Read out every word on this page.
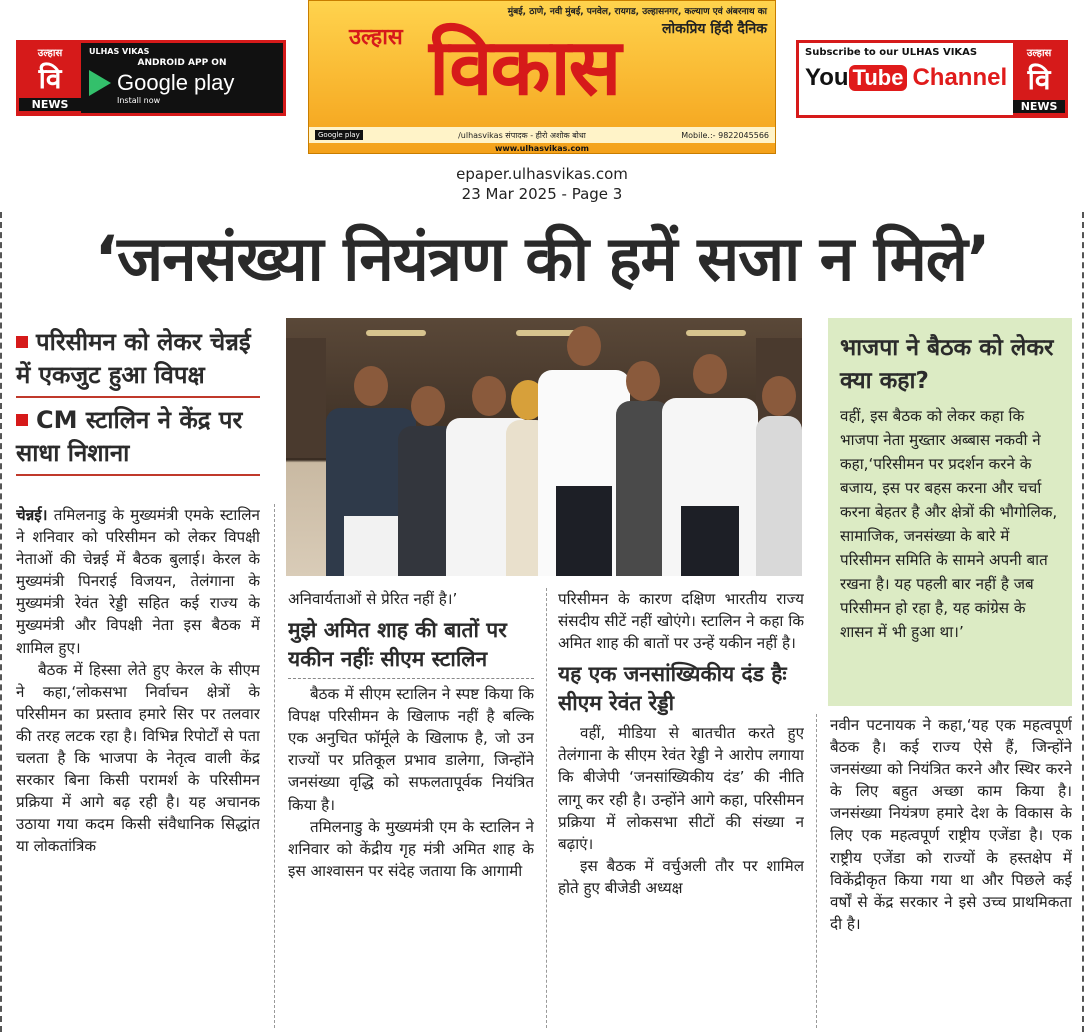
उल्हास
वि
NEWS
ULHAS VIKAS
ANDROID APP ON
Google play
Install now
मुंबई, ठाणे, नवी मुंबई, पनवेल, रायगड, उल्हासनगर, कल्याण एवं अंबरनाथ का
लोकप्रिय हिंदी दैनिक
उल्हास विकास
Google play	/ulhasvikas संपादक - हीरो अशोक बोधा	Mobile.:- 9822045566
www.ulhasvikas.com
Subscribe to our ULHAS VIKAS
You Tube Channel
उल्हास
वि
NEWS
epaper.ulhasvikas.com
23 Mar 2025 - Page 3
‘जनसंख्या नियंत्रण की हमें सजा न मिले’
परिसीमन को लेकर चेन्नई में एकजुट हुआ विपक्ष
CM स्टालिन ने केंद्र पर साधा निशाना
भाजपा ने बैठक को लेकर क्या कहा?
वहीं, इस बैठक को लेकर कहा कि भाजपा नेता मुख्तार अब्बास नकवी ने कहा,‘परिसीमन पर प्रदर्शन करने के बजाय, इस पर बहस करना और चर्चा करना बेहतर है और क्षेत्रों की भौगोलिक, सामाजिक, जनसंख्या के बारे में परिसीमन समिति के सामने अपनी बात रखना है। यह पहली बार नहीं है जब परिसीमन हो रहा है, यह कांग्रेस के शासन में भी हुआ था।’

चेन्नई। तमिलनाडु के मुख्यमंत्री एमके स्टालिन ने शनिवार को परिसीमन को लेकर विपक्षी नेताओं की चेन्नई में बैठक बुलाई। केरल के मुख्यमंत्री पिनराई विजयन, तेलंगाना के मुख्यमंत्री रेवंत रेड्डी सहित कई राज्य के मुख्यमंत्री और विपक्षी नेता इस बैठक में शामिल हुए।

बैठक में हिस्सा लेते हुए केरल के सीएम ने कहा,‘लोकसभा निर्वाचन क्षेत्रों के परिसीमन का प्रस्ताव हमारे सिर पर तलवार की तरह लटक रहा है। विभिन्न रिपोर्टों से पता चलता है कि भाजपा के नेतृत्व वाली केंद्र सरकार बिना किसी परामर्श के परिसीमन प्रक्रिया में आगे बढ़ रही है। यह अचानक उठाया गया कदम किसी संवैधानिक सिद्धांत या लोकतांत्रिक

अनिवार्यताओं से प्रेरित नहीं है।’

मुझे अमित शाह की बातों पर यकीन नहींः सीएम स्टालिन

बैठक में सीएम स्टालिन ने स्पष्ट किया कि विपक्ष परिसीमन के खिलाफ नहीं है बल्कि एक अनुचित फॉर्मूले के खिलाफ है, जो उन राज्यों पर प्रतिकूल प्रभाव डालेगा, जिन्होंने जनसंख्या वृद्धि को सफलतापूर्वक नियंत्रित किया है।

तमिलनाडु के मुख्यमंत्री एम के स्टालिन ने शनिवार को केंद्रीय गृह मंत्री अमित शाह के इस आश्वासन पर संदेह जताया कि आगामी

परिसीमन के कारण दक्षिण भारतीय राज्य संसदीय सीटें नहीं खोएंगे। स्टालिन ने कहा कि अमित शाह की बातों पर उन्हें यकीन नहीं है।

यह एक जनसांख्यिकीय दंड हैः सीएम रेवंत रेड्डी

वहीं, मीडिया से बातचीत करते हुए तेलंगाना के सीएम रेवंत रेड्डी ने आरोप लगाया कि बीजेपी ‘जनसांख्यिकीय दंड’ की नीति लागू कर रही है। उन्होंने आगे कहा, परिसीमन प्रक्रिया में लोकसभा सीटों की संख्या न बढ़ाएं।

इस बैठक में वर्चुअली तौर पर शामिल होते हुए बीजेडी अध्यक्ष

नवीन पटनायक ने कहा,‘यह एक महत्वपूर्ण बैठक है। कई राज्य ऐसे हैं, जिन्होंने जनसंख्या को नियंत्रित करने और स्थिर करने के लिए बहुत अच्छा काम किया है। जनसंख्या नियंत्रण हमारे देश के विकास के लिए एक महत्वपूर्ण राष्ट्रीय एजेंडा है। एक राष्ट्रीय एजेंडा को राज्यों के हस्तक्षेप में विकेंद्रीकृत किया गया था और पिछले कई वर्षों से केंद्र सरकार ने इसे उच्च प्राथमिकता दी है।
